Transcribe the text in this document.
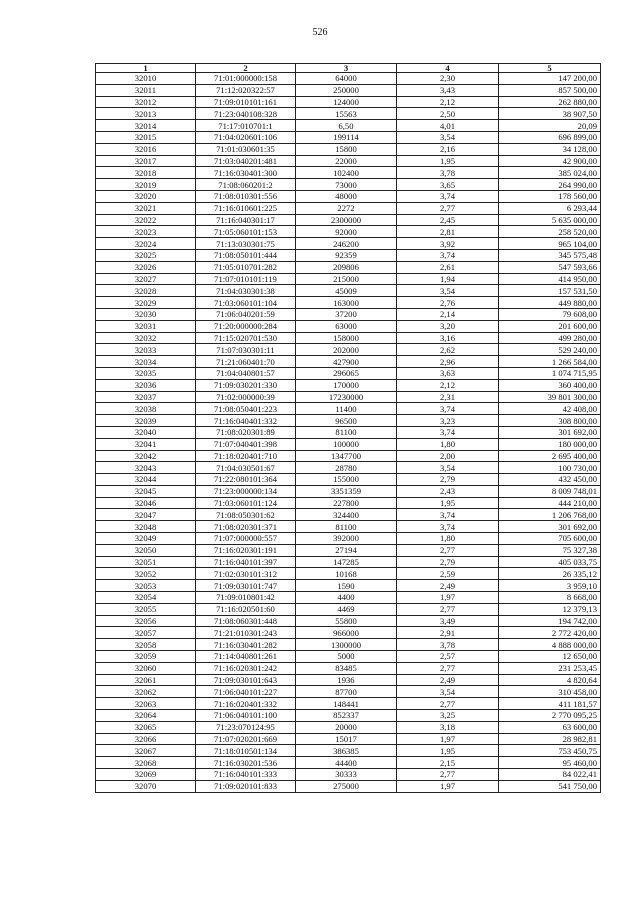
526
1	2	3	4	5
32010	71:01:000000:158	64000	2,30	147 200,00
32011	71:12:020322:57	250000	3,43	857 500,00
32012	71:09:010101:161	124000	2,12	262 880,00
32013	71:23:040108:328	15563	2,50	38 907,50
32014	71:17:010701:1	6,50	4,01	20,09
32015	71:04:020601:106	199114	3,54	696 899,00
32016	71:01:030601:35	15800	2,16	34 128,00
32017	71:03:040201:481	22000	1,95	42 900,00
32018	71:16:030401:300	102400	3,78	385 024,00
32019	71:08:060201:2	73000	3,65	264 990,00
32020	71:08:010301:556	48000	3,74	178 560,00
32021	71:16:010601:225	2272	2,77	6 293,44
32022	71:16:040301:17	2300000	2,45	5 635 000,00
32023	71:05:060101:153	92000	2,81	258 520,00
32024	71:13:030301:75	246200	3,92	965 104,00
32025	71:08:050101:444	92359	3,74	345 575,48
32026	71:05:010701:282	209806	2,61	547 593,66
32027	71:07:010101:119	215000	1,94	414 950,00
32028	71:04:030301:38	45009	3,54	157 531,50
32029	71:03:060101:104	163000	2,76	449 880,00
32030	71:06:040201:59	37200	2,14	79 608,00
32031	71:20:000000:284	63000	3,20	201 600,00
32032	71:15:020701:530	158000	3,16	499 280,00
32033	71:07:030301:11	202000	2,62	529 240,00
32034	71:21:060401:70	427900	2,96	1 266 584,00
32035	71:04:040801:57	296065	3,63	1 074 715,95
32036	71:09:030201:330	170000	2,12	360 400,00
32037	71:02:000000:39	17230000	2,31	39 801 300,00
32038	71:08:050401:223	11400	3,74	42 408,00
32039	71:16:040401:332	96500	3,23	308 800,00
32040	71:08:020301:89	81100	3,74	301 692,00
32041	71:07:040401:398	100000	1,80	180 000,00
32042	71:18:020401:710	1347700	2,00	2 695 400,00
32043	71:04:030501:67	28780	3,54	100 730,00
32044	71:22:080101:364	155000	2,79	432 450,00
32045	71:23:000000:134	3351359	2,43	8 009 748,01
32046	71:03:060101:124	227800	1,95	444 210,00
32047	71:08:050301:62	324400	3,74	1 206 768,00
32048	71:08:020301:371	81100	3,74	301 692,00
32049	71:07:000000:557	392000	1,80	705 600,00
32050	71:16:020301:191	27194	2,77	75 327,38
32051	71:16:040101:397	147285	2,79	405 033,75
32052	71:02:030101:312	10168	2,59	26 335,12
32053	71:09:030101:747	1590	2,49	3 959,10
32054	71:09:010801:42	4400	1,97	8 668,00
32055	71:16:020501:60	4469	2,77	12 379,13
32056	71:08:060301:448	55800	3,49	194 742,00
32057	71:21:010301:243	966000	2,91	2 772 420,00
32058	71:16:030401:282	1300000	3,78	4 888 000,00
32059	71:14:040801:261	5000	2,57	12 650,00
32060	71:16:020301:242	83485	2,77	231 253,45
32061	71:09:030101:643	1936	2,49	4 820,64
32062	71:06:040101:227	87700	3,54	310 458,00
32063	71:16:020401:332	148441	2,77	411 181,57
32064	71:06:040101:100	852337	3,25	2 770 095,25
32065	71:23:070124:95	20000	3,18	63 600,00
32066	71:07:020201:669	15017	1,97	28 982,81
32067	71:18:010501:134	386385	1,95	753 450,75
32068	71:16:030201:536	44400	2,15	95 460,00
32069	71:16:040101:333	30333	2,77	84 022,41
32070	71:09:020101:833	275000	1,97	541 750,00
